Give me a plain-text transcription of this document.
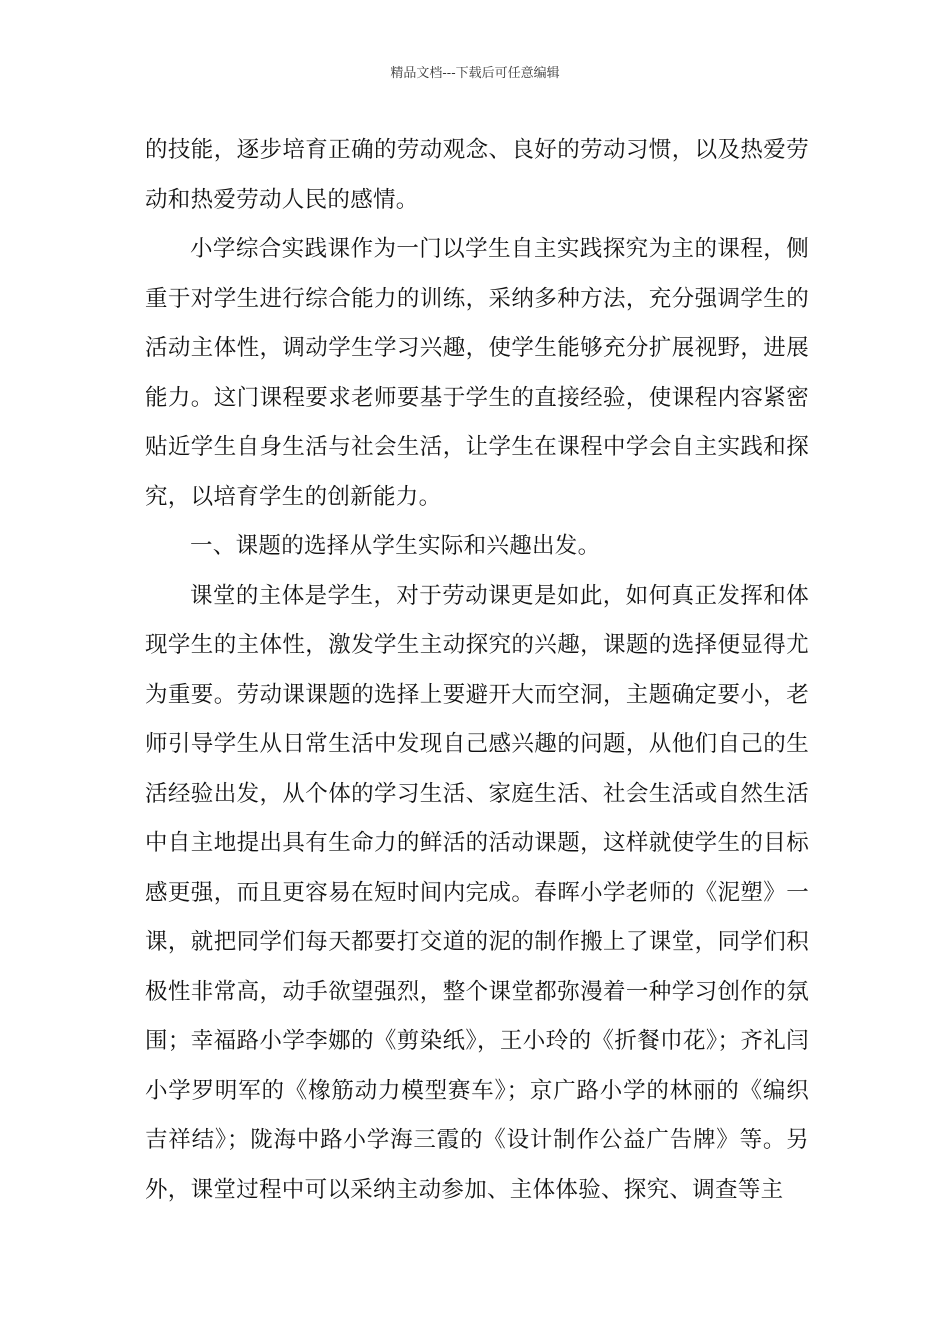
精品文档---下载后可任意编辑

的技能，逐步培育正确的劳动观念、良好的劳动习惯，以及热爱劳动和热爱劳动人民的感情。

小学综合实践课作为一门以学生自主实践探究为主的课程，侧重于对学生进行综合能力的训练，采纳多种方法，充分强调学生的活动主体性，调动学生学习兴趣，使学生能够充分扩展视野，进展能力。这门课程要求老师要基于学生的直接经验，使课程内容紧密贴近学生自身生活与社会生活，让学生在课程中学会自主实践和探究，以培育学生的创新能力。

一、课题的选择从学生实际和兴趣出发。

课堂的主体是学生，对于劳动课更是如此，如何真正发挥和体现学生的主体性，激发学生主动探究的兴趣，课题的选择便显得尤为重要。劳动课课题的选择上要避开大而空洞，主题确定要小，老师引导学生从日常生活中发现自己感兴趣的问题，从他们自己的生活经验出发，从个体的学习生活、家庭生活、社会生活或自然生活中自主地提出具有生命力的鲜活的活动课题，这样就使学生的目标感更强，而且更容易在短时间内完成。春晖小学老师的《泥塑》一课，就把同学们每天都要打交道的泥的制作搬上了课堂，同学们积极性非常高，动手欲望强烈，整个课堂都弥漫着一种学习创作的氛围；幸福路小学李娜的《剪染纸》，王小玲的《折餐巾花》；齐礼闫小学罗明军的《橡筋动力模型赛车》；京广路小学的林丽的《编织吉祥结》；陇海中路小学海三霞的《设计制作公益广告牌》等。另外，课堂过程中可以采纳主动参加、主体体验、探究、调查等主
